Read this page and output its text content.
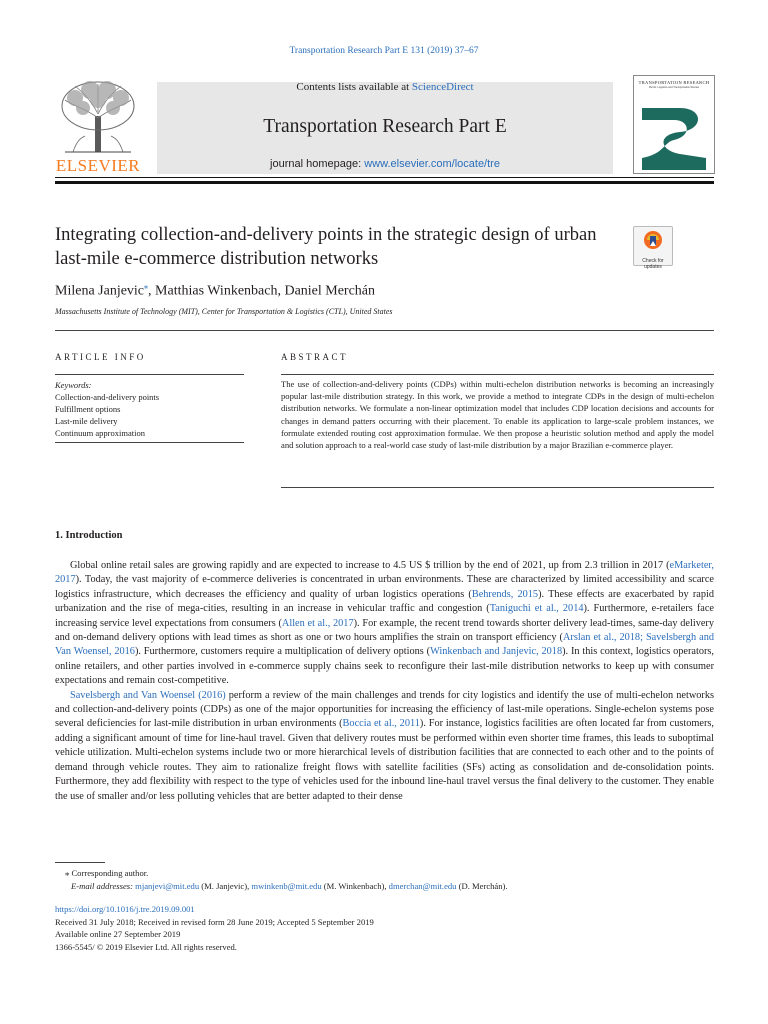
Transportation Research Part E 131 (2019) 37–67
ELSEVIER
Contents lists available at ScienceDirect
Transportation Research Part E
journal homepage: www.elsevier.com/locate/tre
TRANSPORTATION RESEARCH
Part E: Logistics and Transportation Review
Integrating collection-and-delivery points in the strategic design of urban last-mile e-commerce distribution networks	Check for
updates
Milena Janjevic⁎, Matthias Winkenbach, Daniel Merchán
Massachusetts Institute of Technology (MIT), Center for Transportation & Logistics (CTL), United States
ARTICLE INFO	ABSTRACT
Keywords:
Collection-and-delivery points
Fulfillment options
Last-mile delivery
Continuum approximation
The use of collection-and-delivery points (CDPs) within multi-echelon distribution networks is becoming an increasingly popular last-mile distribution strategy. In this work, we provide a method to integrate CDPs in the design of multi-echelon distribution networks. We formulate a non-linear optimization model that includes CDP location decisions and accounts for changes in demand patters occurring with their placement. To enable its application to large-scale problem instances, we formulate extended routing cost approximation formulae. We then propose a heuristic solution method and apply the model and solution approach to a real-world case study of last-mile distribution by a major Brazilian e-commerce player.
1. Introduction

Global online retail sales are growing rapidly and are expected to increase to 4.5 US $ trillion by the end of 2021, up from 2.3 trillion in 2017 (eMarketer, 2017). Today, the vast majority of e-commerce deliveries is concentrated in urban environments. These are characterized by limited accessibility and scarce logistics infrastructure, which decreases the efficiency and quality of urban logistics operations (Behrends, 2015). These effects are exacerbated by rapid urbanization and the rise of mega-cities, resulting in an increase in vehicular traffic and congestion (Taniguchi et al., 2014). Furthermore, e-retailers face increasing service level expectations from consumers (Allen et al., 2017). For example, the recent trend towards shorter delivery lead-times, same-day delivery and on-demand delivery options with lead times as short as one or two hours amplifies the strain on transport efficiency (Arslan et al., 2018; Savelsbergh and Van Woensel, 2016). Furthermore, customers require a multiplication of delivery options (Winkenbach and Janjevic, 2018). In this context, logistics operators, online retailers, and other parties involved in e-commerce supply chains seek to reconfigure their last-mile distribution networks to keep up with consumer expectations and remain cost-competitive.

Savelsbergh and Van Woensel (2016) perform a review of the main challenges and trends for city logistics and identify the use of multi-echelon networks and collection-and-delivery points (CDPs) as one of the major opportunities for increasing the efficiency of last-mile operations. Single-echelon systems pose several deficiencies for last-mile distribution in urban environments (Boccia et al., 2011). For instance, logistics facilities are often located far from customers, adding a significant amount of time for line-haul travel. Given that delivery routes must be performed within even shorter time frames, this leads to suboptimal vehicle utilization. Multi-echelon systems include two or more hierarchical levels of distribution facilities that are connected to each other and to the points of demand through vehicle routes. They aim to rationalize freight flows with satellite facilities (SFs) acting as consolidation and de-consolidation points. Furthermore, they add flexibility with respect to the type of vehicles used for the inbound line-haul travel versus the final delivery to the customer. They enable the use of smaller and/or less polluting vehicles that are better adapted to their dense

⁎ Corresponding author.
E-mail addresses: mjanjevi@mit.edu (M. Janjevic), mwinkenb@mit.edu (M. Winkenbach), dmerchan@mit.edu (D. Merchán).
https://doi.org/10.1016/j.tre.2019.09.001
Received 31 July 2018; Received in revised form 28 June 2019; Accepted 5 September 2019
Available online 27 September 2019
1366-5545/ © 2019 Elsevier Ltd. All rights reserved.
